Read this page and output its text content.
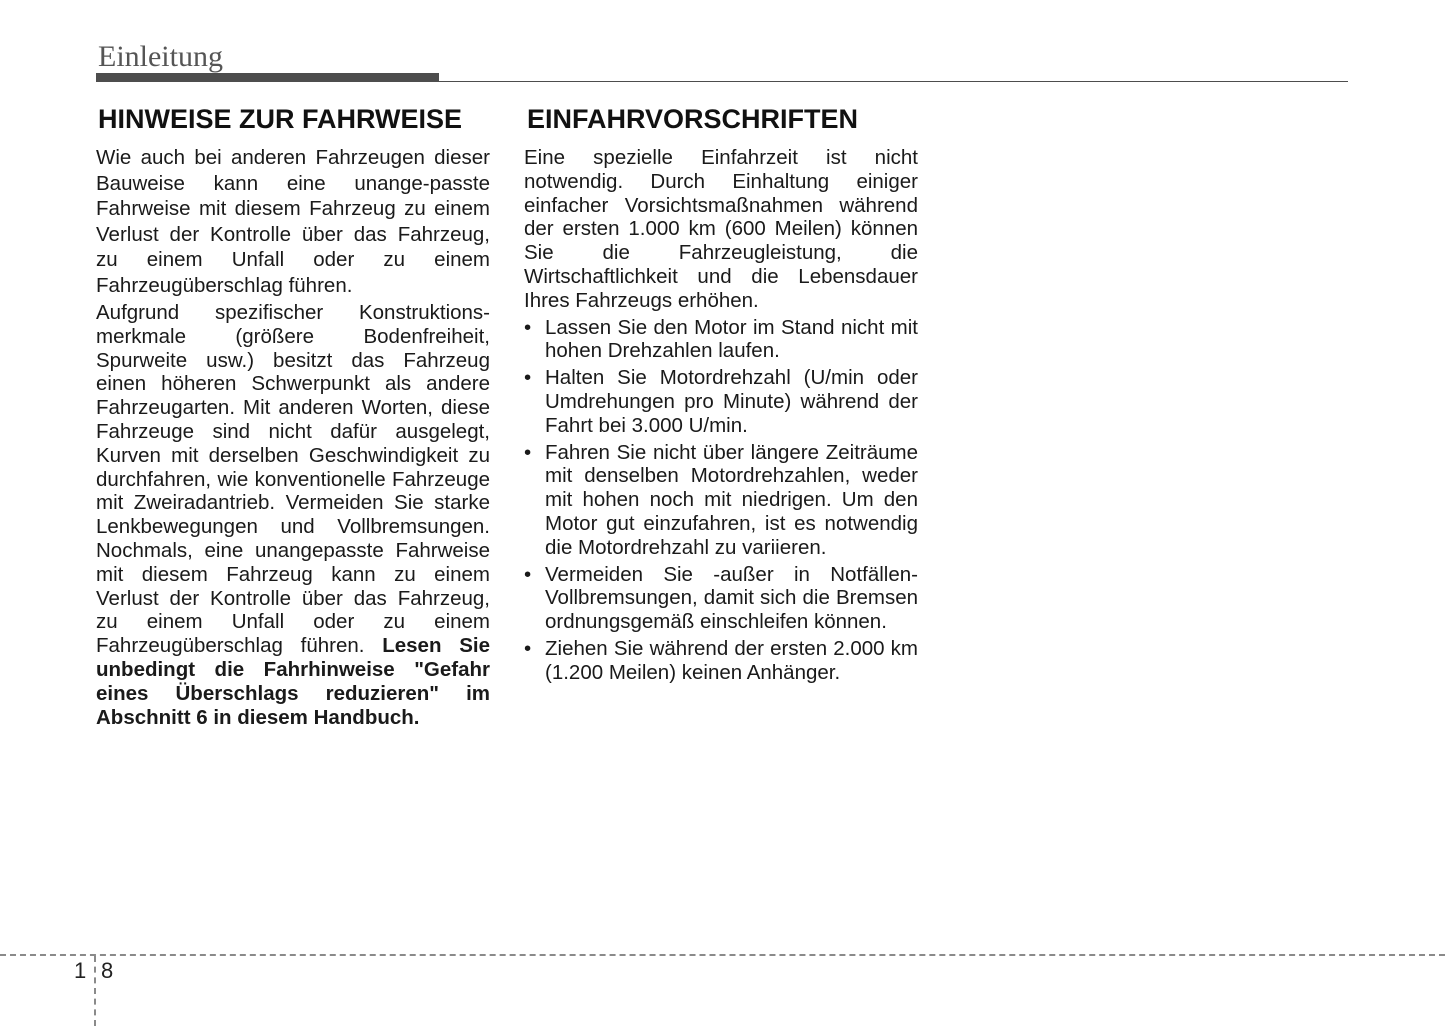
Einleitung
HINWEISE ZUR FAHRWEISE EINFAHRVORSCHRIFTEN

Wie auch bei anderen Fahrzeugen dieser Bauweise kann eine unange-passte Fahrweise mit diesem Fahrzeug zu einem Verlust der Kontrolle über das Fahrzeug, zu einem Unfall oder zu einem Fahrzeugüberschlag führen.

Aufgrund spezifischer Konstruktions-merkmale (größere Bodenfreiheit, Spurweite usw.) besitzt das Fahrzeug einen höheren Schwerpunkt als andere Fahrzeugarten. Mit anderen Worten, diese Fahrzeuge sind nicht dafür ausgelegt, Kurven mit derselben Geschwindigkeit zu durchfahren, wie konventionelle Fahrzeuge mit Zweiradantrieb. Vermeiden Sie starke Lenkbewegungen und Vollbremsungen. Nochmals, eine unangepasste Fahrweise mit diesem Fahrzeug kann zu einem Verlust der Kontrolle über das Fahrzeug, zu einem Unfall oder zu einem Fahrzeugüberschlag führen. Lesen Sie unbedingt die Fahrhinweise "Gefahr eines Überschlags reduzieren" im Abschnitt 6 in diesem Handbuch.

Eine spezielle Einfahrzeit ist nicht notwendig. Durch Einhaltung einiger einfacher Vorsichtsmaßnahmen während der ersten 1.000 km (600 Meilen) können Sie die Fahrzeugleistung, die Wirtschaftlichkeit und die Lebensdauer Ihres Fahrzeugs erhöhen.

• Lassen Sie den Motor im Stand nicht mit hohen Drehzahlen laufen.
• Halten Sie Motordrehzahl (U/min oder Umdrehungen pro Minute) während der Fahrt bei 3.000 U/min.
• Fahren Sie nicht über längere Zeiträume mit denselben Motordrehzahlen, weder mit hohen noch mit niedrigen. Um den Motor gut einzufahren, ist es notwendig die Motordrehzahl zu variieren.
• Vermeiden Sie -außer in Notfällen- Vollbremsungen, damit sich die Bremsen ordnungsgemäß einschleifen können.
• Ziehen Sie während der ersten 2.000 km (1.200 Meilen) keinen Anhänger.
1 8
